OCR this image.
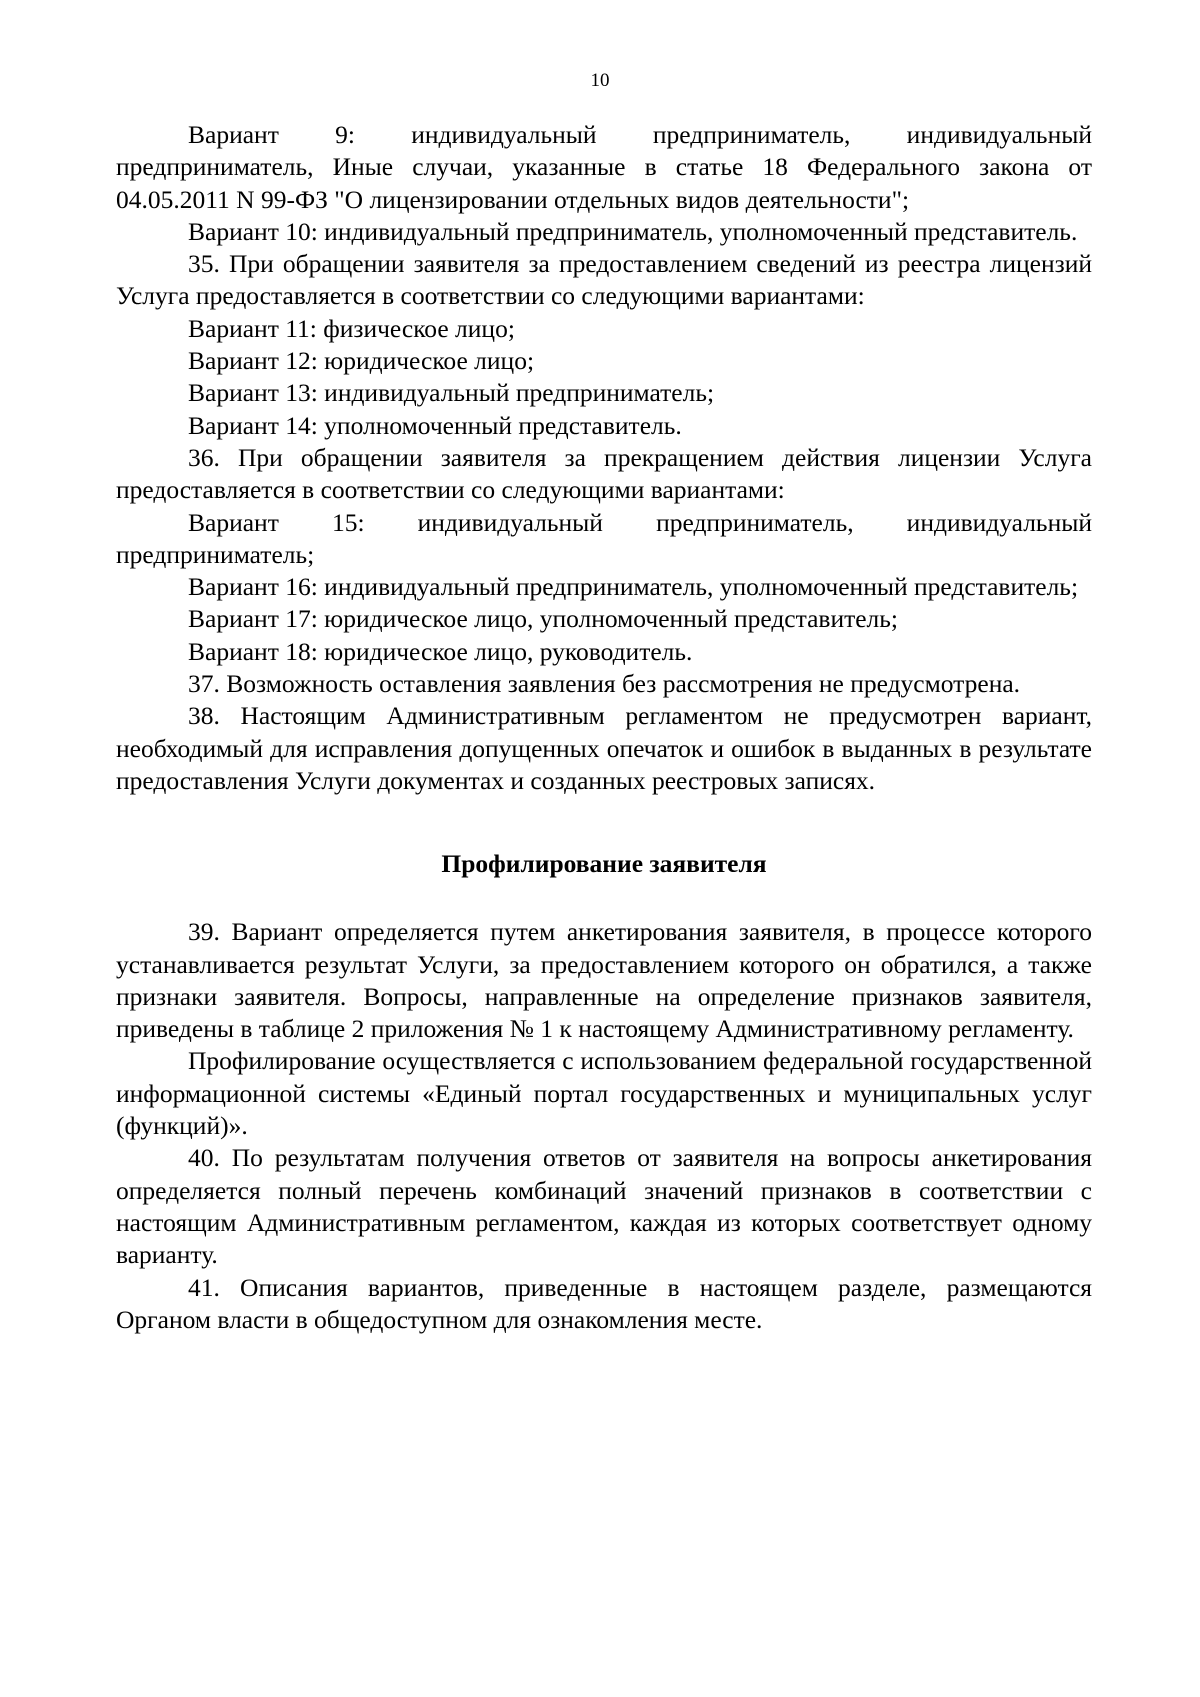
10

Вариант 9: индивидуальный предприниматель, индивидуальный предприниматель, Иные случаи, указанные в статье 18 Федерального закона от 04.05.2011 N 99-ФЗ "О лицензировании отдельных видов деятельности";

Вариант 10: индивидуальный предприниматель, уполномоченный представитель.

35. При обращении заявителя за предоставлением сведений из реестра лицензий Услуга предоставляется в соответствии со следующими вариантами:

Вариант 11: физическое лицо;

Вариант 12: юридическое лицо;

Вариант 13: индивидуальный предприниматель;

Вариант 14: уполномоченный представитель.

36. При обращении заявителя за прекращением действия лицензии Услуга предоставляется в соответствии со следующими вариантами:

Вариант 15: индивидуальный предприниматель, индивидуальный предприниматель;

Вариант 16: индивидуальный предприниматель, уполномоченный представитель;

Вариант 17: юридическое лицо, уполномоченный представитель;

Вариант 18: юридическое лицо, руководитель.

37. Возможность оставления заявления без рассмотрения не предусмотрена.

38. Настоящим Административным регламентом не предусмотрен вариант, необходимый для исправления допущенных опечаток и ошибок в выданных в результате предоставления Услуги документах и созданных реестровых записях.

Профилирование заявителя

39. Вариант определяется путем анкетирования заявителя, в процессе которого устанавливается результат Услуги, за предоставлением которого он обратился, а также признаки заявителя. Вопросы, направленные на определение признаков заявителя, приведены в таблице 2 приложения № 1 к настоящему Административному регламенту.

Профилирование осуществляется с использованием федеральной государственной информационной системы «Единый портал государственных и муниципальных услуг (функций)».

40. По результатам получения ответов от заявителя на вопросы анкетирования определяется полный перечень комбинаций значений признаков в соответствии с настоящим Административным регламентом, каждая из которых соответствует одному варианту.

41. Описания вариантов, приведенные в настоящем разделе, размещаются Органом власти в общедоступном для ознакомления месте.
